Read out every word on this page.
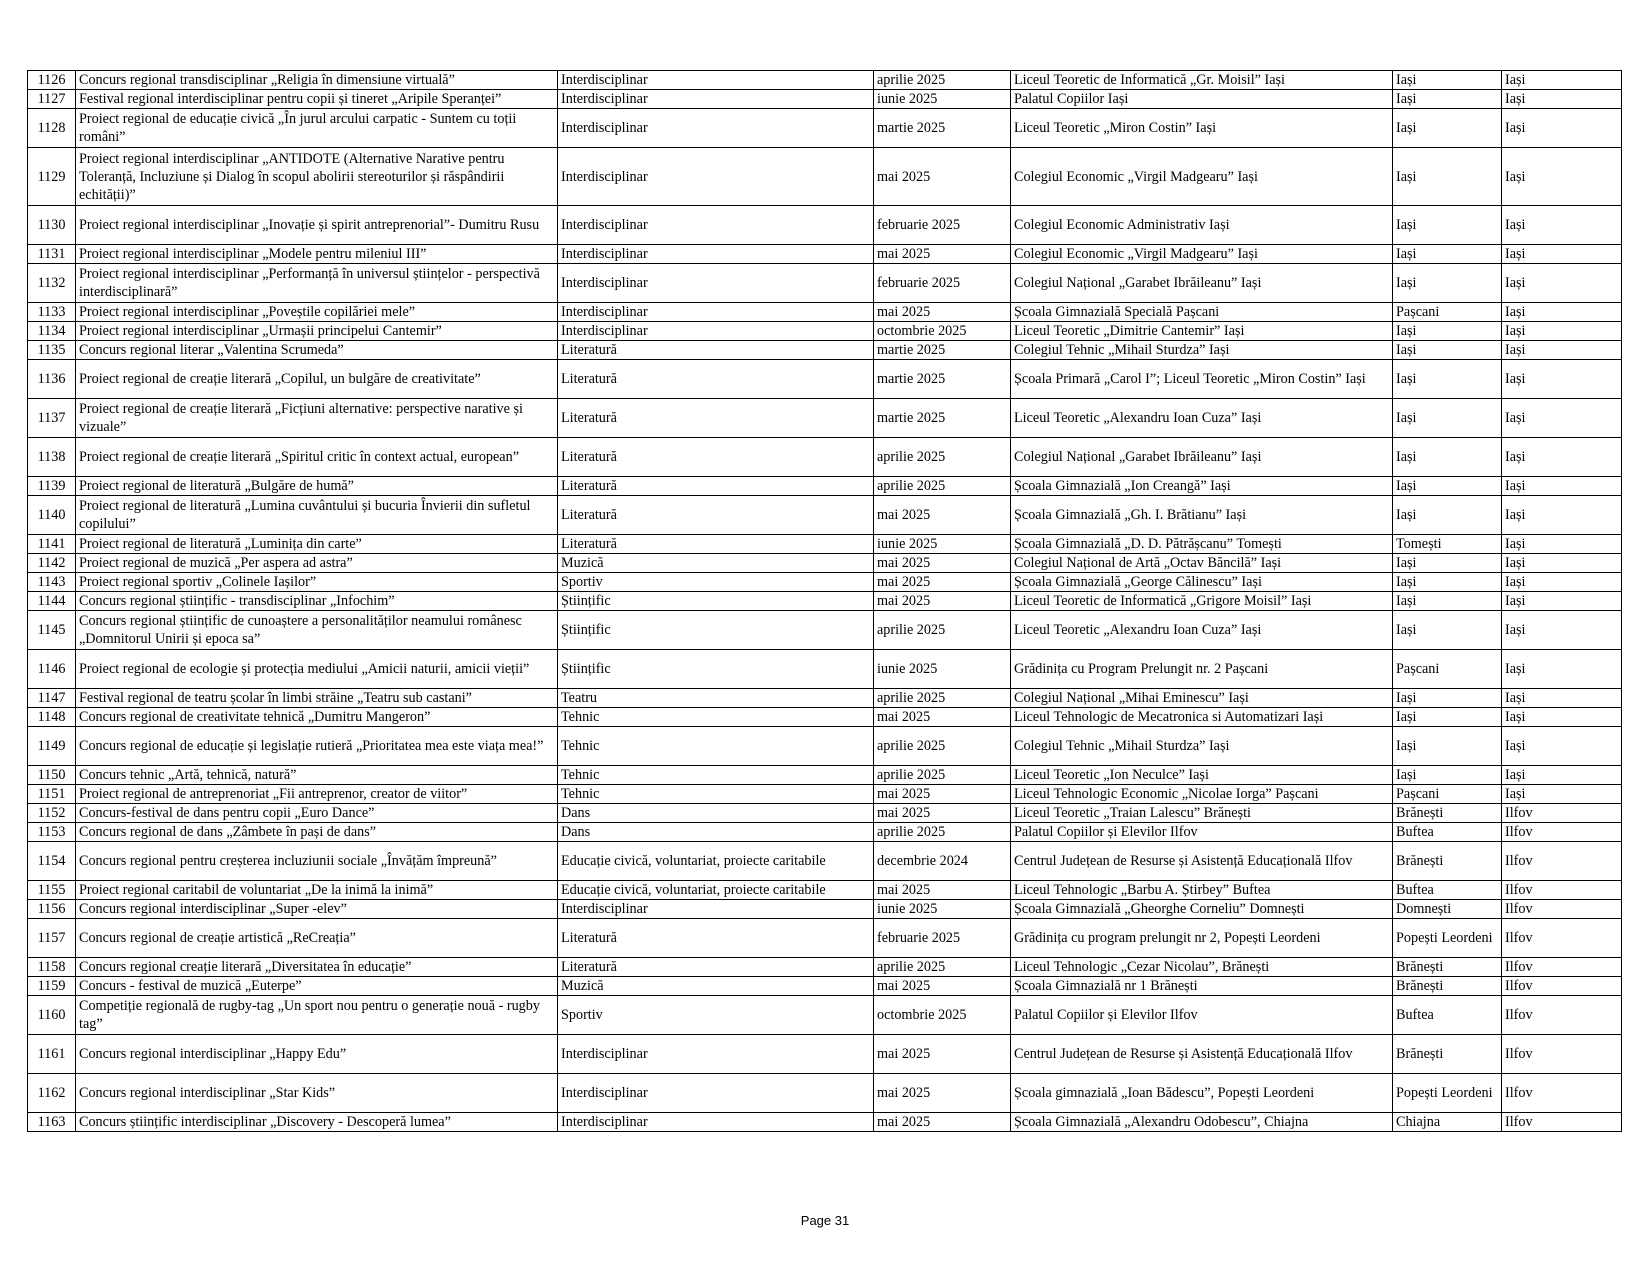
1126	Concurs regional transdisciplinar „Religia în dimensiune virtuală”	Interdisciplinar	aprilie 2025	Liceul Teoretic de Informatică „Gr. Moisil” Iași	Iași	Iași
1127	Festival regional interdisciplinar pentru copii și tineret „Aripile Speranței”	Interdisciplinar	iunie 2025	Palatul Copiilor Iași	Iași	Iași
1128	Proiect regional de educație civică „În jurul arcului carpatic - Suntem cu toții români”	Interdisciplinar	martie 2025	Liceul Teoretic „Miron Costin” Iași	Iași	Iași
1129	Proiect regional interdisciplinar „ANTIDOTE (Alternative Narative pentru Toleranță, Incluziune și Dialog în scopul abolirii stereoturilor și răspândirii echității)”	Interdisciplinar	mai 2025	Colegiul Economic „Virgil Madgearu” Iași	Iași	Iași
1130	Proiect regional interdisciplinar „Inovație și spirit antreprenorial”- Dumitru Rusu	Interdisciplinar	februarie 2025	Colegiul Economic Administrativ Iași	Iași	Iași
1131	Proiect regional interdisciplinar „Modele pentru mileniul III”	Interdisciplinar	mai 2025	Colegiul Economic „Virgil Madgearu” Iași	Iași	Iași
1132	Proiect regional interdisciplinar „Performanță în universul științelor - perspectivă interdisciplinară”	Interdisciplinar	februarie 2025	Colegiul Național „Garabet Ibrăileanu” Iași	Iași	Iași
1133	Proiect regional interdisciplinar „Poveștile copilăriei mele”	Interdisciplinar	mai 2025	Școala Gimnazială Specială Pașcani	Pașcani	Iași
1134	Proiect regional interdisciplinar „Urmașii principelui Cantemir”	Interdisciplinar	octombrie 2025	Liceul Teoretic „Dimitrie Cantemir” Iași	Iași	Iași
1135	Concurs regional literar „Valentina Scrumeda”	Literatură	martie 2025	Colegiul Tehnic „Mihail Sturdza” Iași	Iași	Iași
1136	Proiect regional de creație literară „Copilul, un bulgăre de creativitate”	Literatură	martie 2025	Școala Primară „Carol I”; Liceul Teoretic „Miron Costin” Iași	Iași	Iași
1137	Proiect regional de creație literară „Ficțiuni alternative: perspective narative și vizuale”	Literatură	martie 2025	Liceul Teoretic „Alexandru Ioan Cuza” Iași	Iași	Iași
1138	Proiect regional de creație literară „Spiritul critic în context actual, european”	Literatură	aprilie 2025	Colegiul Național „Garabet Ibrăileanu” Iași	Iași	Iași
1139	Proiect regional de literatură „Bulgăre de humă”	Literatură	aprilie 2025	Școala Gimnazială „Ion Creangă” Iași	Iași	Iași
1140	Proiect regional de literatură „Lumina cuvântului și bucuria Învierii din sufletul copilului”	Literatură	mai 2025	Școala Gimnazială „Gh. I. Brătianu” Iași	Iași	Iași
1141	Proiect regional de literatură „Luminița din carte”	Literatură	iunie 2025	Școala Gimnazială „D. D. Pătrășcanu” Tomești	Tomești	Iași
1142	Proiect regional de muzică „Per aspera ad astra”	Muzică	mai 2025	Colegiul Național de Artă „Octav Băncilă” Iași	Iași	Iași
1143	Proiect regional sportiv „Colinele Iașilor”	Sportiv	mai 2025	Școala Gimnazială „George Călinescu” Iași	Iași	Iași
1144	Concurs regional științific - transdisciplinar „Infochim”	Științific	mai 2025	Liceul Teoretic de Informatică „Grigore Moisil” Iași	Iași	Iași
1145	Concurs regional științific de cunoaștere a personalităților neamului românesc „Domnitorul Unirii și epoca sa”	Științific	aprilie 2025	Liceul Teoretic „Alexandru Ioan Cuza” Iași	Iași	Iași
1146	Proiect regional de ecologie și protecția mediului „Amicii naturii, amicii vieții”	Științific	iunie 2025	Grădinița cu Program Prelungit nr. 2 Pașcani	Pașcani	Iași
1147	Festival regional de teatru școlar în limbi străine „Teatru sub castani”	Teatru	aprilie 2025	Colegiul Național „Mihai Eminescu” Iași	Iași	Iași
1148	Concurs regional de creativitate tehnică „Dumitru Mangeron”	Tehnic	mai 2025	Liceul Tehnologic de Mecatronica si Automatizari Iași	Iași	Iași
1149	Concurs regional de educație și legislație rutieră „Prioritatea mea este viața mea!”	Tehnic	aprilie 2025	Colegiul Tehnic „Mihail Sturdza” Iași	Iași	Iași
1150	Concurs tehnic „Artă, tehnică, natură”	Tehnic	aprilie 2025	Liceul Teoretic „Ion Neculce” Iași	Iași	Iași
1151	Proiect regional de antreprenoriat „Fii antreprenor, creator de viitor”	Tehnic	mai 2025	Liceul Tehnologic Economic „Nicolae Iorga” Pașcani	Pașcani	Iași
1152	Concurs-festival de dans pentru copii „Euro Dance”	Dans	mai 2025	Liceul Teoretic „Traian Lalescu” Brănești	Brănești	Ilfov
1153	Concurs regional de dans „Zâmbete în pași de dans”	Dans	aprilie 2025	Palatul Copiilor și Elevilor Ilfov	Buftea	Ilfov
1154	Concurs regional pentru creșterea incluziunii sociale „Învățăm împreună”	Educație civică, voluntariat, proiecte caritabile	decembrie 2024	Centrul Județean de Resurse și Asistență Educațională Ilfov	Brănești	Ilfov
1155	Proiect regional caritabil de voluntariat „De la inimă la inimă”	Educație civică, voluntariat, proiecte caritabile	mai 2025	Liceul Tehnologic „Barbu A. Știrbey” Buftea	Buftea	Ilfov
1156	Concurs regional interdisciplinar „Super -elev”	Interdisciplinar	iunie 2025	Școala Gimnazială „Gheorghe Corneliu” Domnești	Domnești	Ilfov
1157	Concurs regional de creație artistică „ReCreația”	Literatură	februarie 2025	Grădinița cu program prelungit nr 2, Popești Leordeni	Popești Leordeni	Ilfov
1158	Concurs regional creație literară „Diversitatea în educație”	Literatură	aprilie 2025	Liceul Tehnologic „Cezar Nicolau”, Brănești	Brănești	Ilfov
1159	Concurs - festival de muzică „Euterpe”	Muzică	mai 2025	Școala Gimnazială nr 1 Brănești	Brănești	Ilfov
1160	Competiție regională de rugby-tag „Un sport nou pentru o generație nouă - rugby tag”	Sportiv	octombrie 2025	Palatul Copiilor și Elevilor Ilfov	Buftea	Ilfov
1161	Concurs regional interdisciplinar „Happy Edu”	Interdisciplinar	mai 2025	Centrul Județean de Resurse și Asistență Educațională Ilfov	Brănești	Ilfov
1162	Concurs regional interdisciplinar „Star Kids”	Interdisciplinar	mai 2025	Școala gimnazială „Ioan Bădescu”, Popești Leordeni	Popești Leordeni	Ilfov
1163	Concurs științific interdisciplinar „Discovery - Descoperă lumea”	Interdisciplinar	mai 2025	Școala Gimnazială „Alexandru Odobescu”, Chiajna	Chiajna	Ilfov
Page 31
